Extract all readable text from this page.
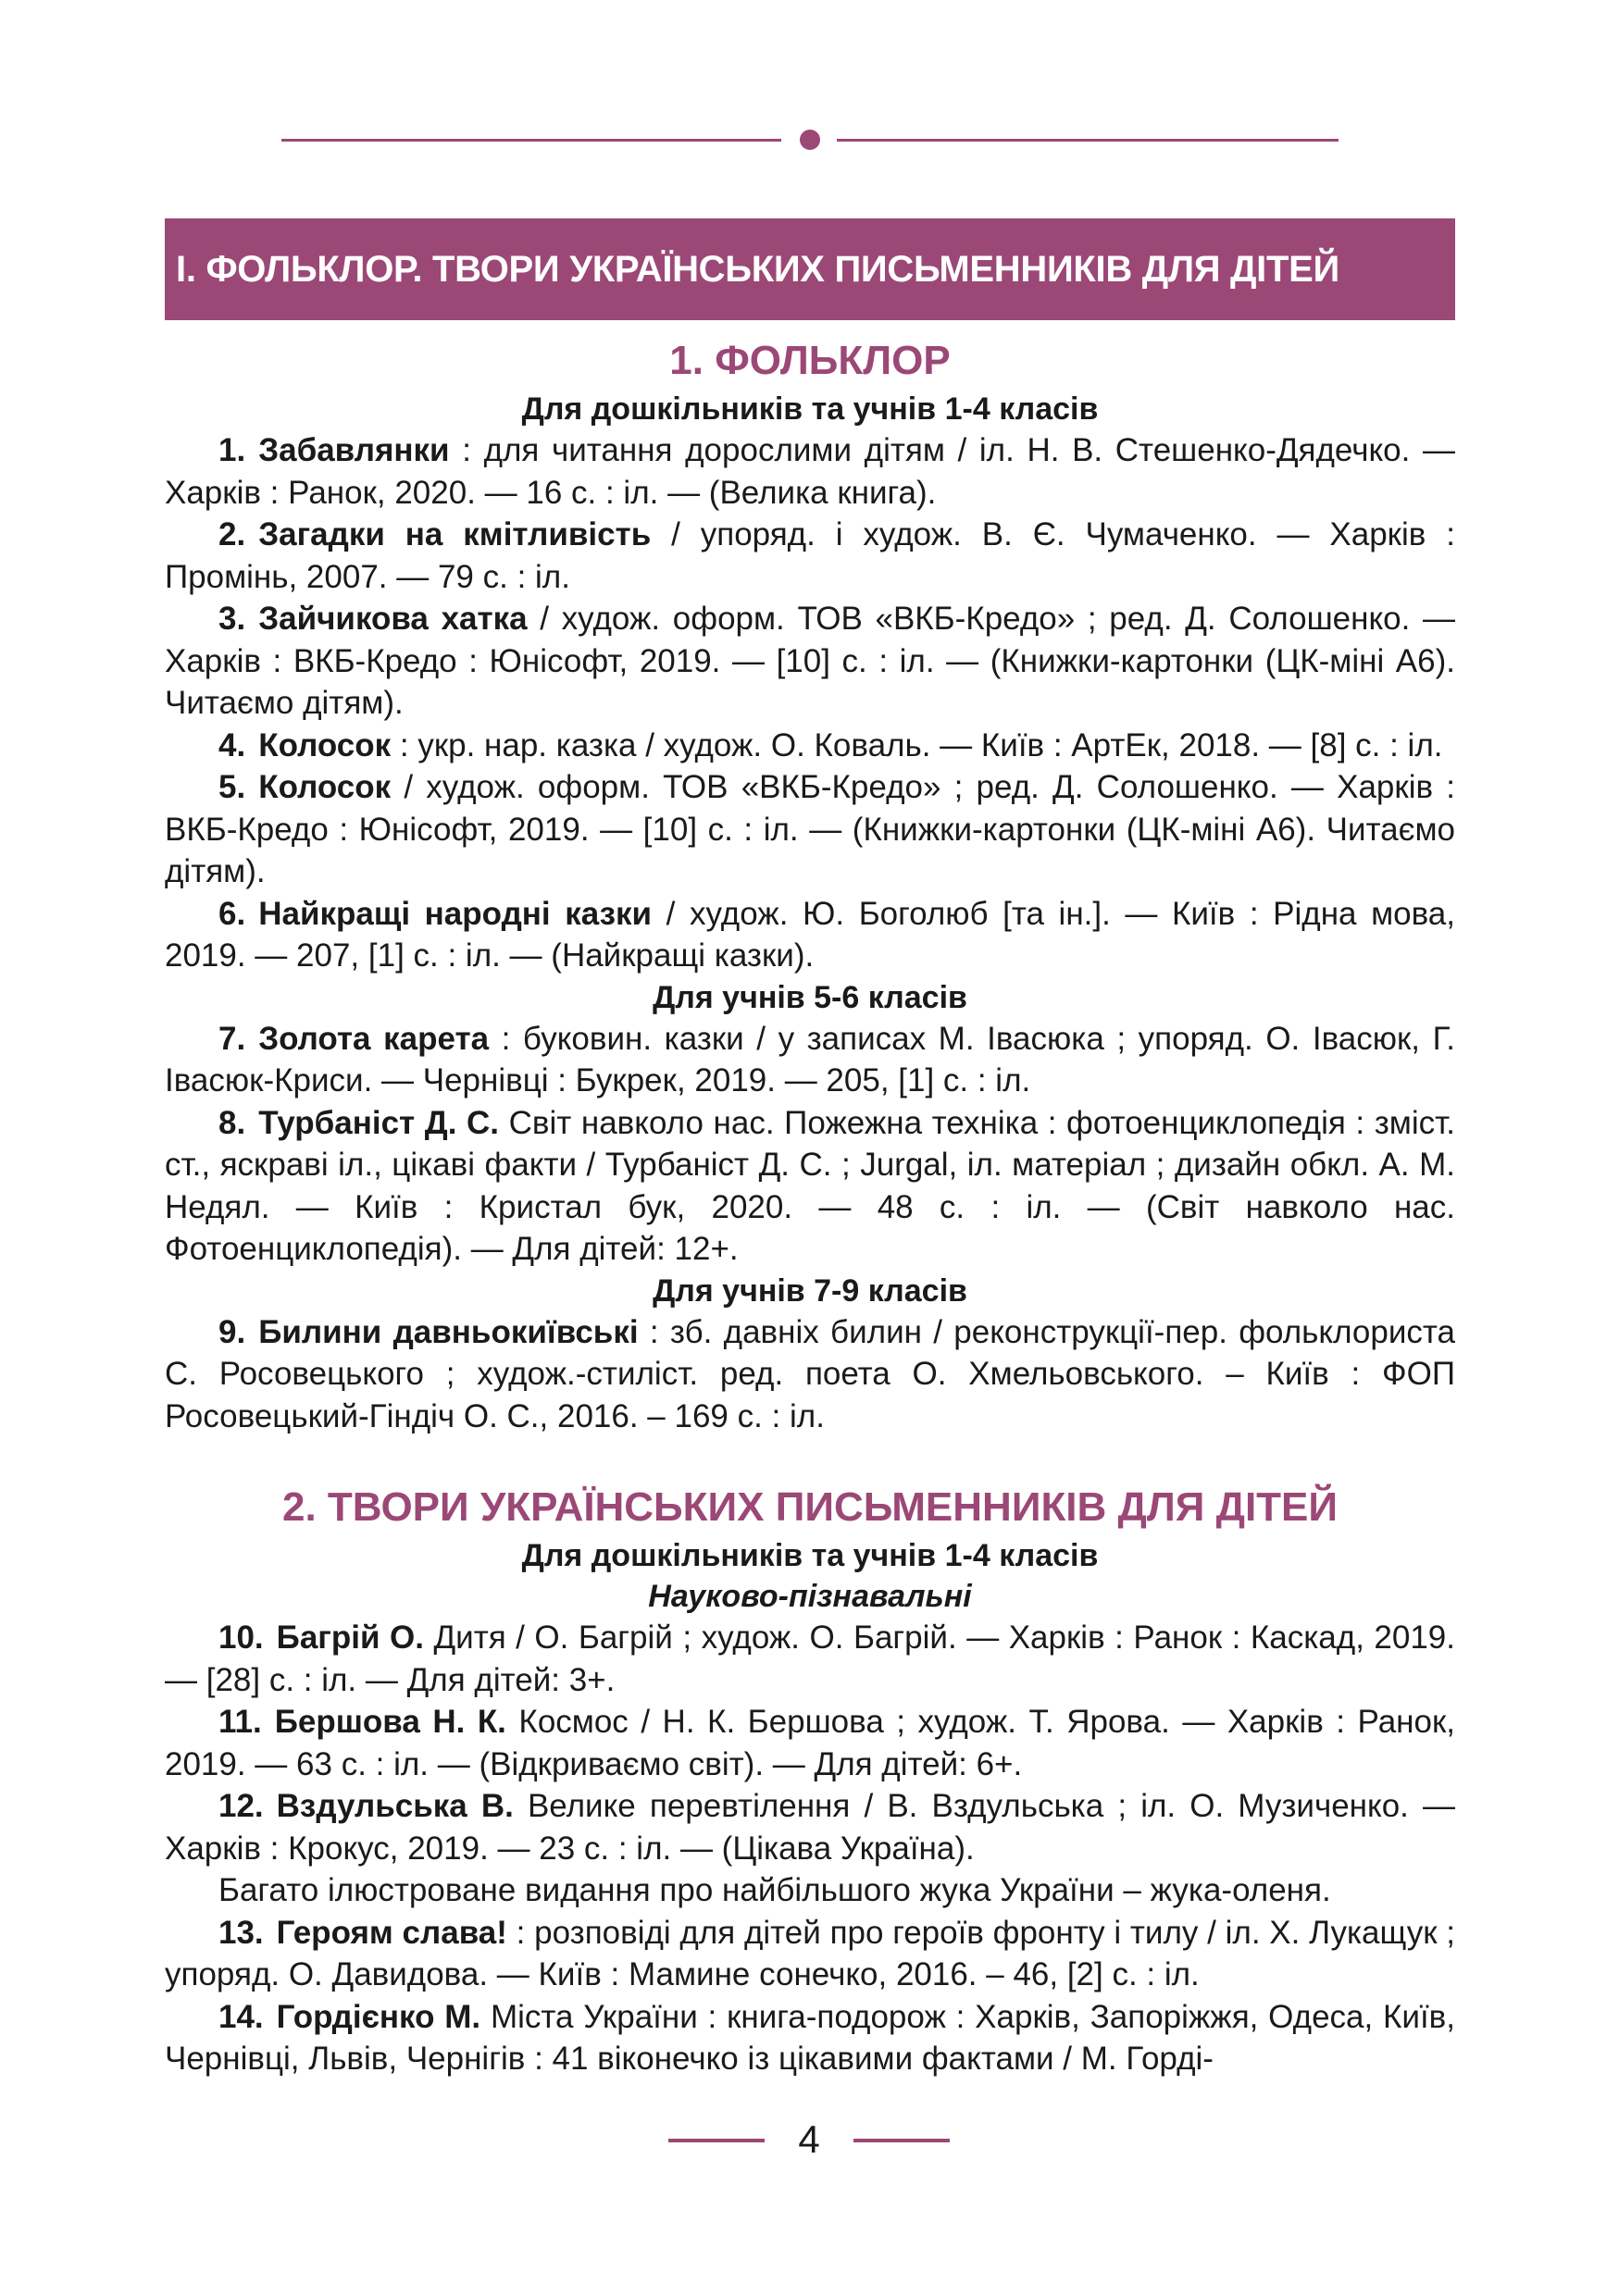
І. ФОЛЬКЛОР. ТВОРИ УКРАЇНСЬКИХ ПИСЬМЕННИКІВ ДЛЯ ДІТЕЙ
1. ФОЛЬКЛОР
Для дошкільників та учнів 1-4 класів

1. Забавлянки : для читання дорослими дітям / іл. Н. В. Стешенко-Дядечко. — Харків : Ранок, 2020. — 16 с. : іл. — (Велика книга).

2. Загадки на кмітливість / упоряд. і худож. В. Є. Чумаченко. — Харків : Промінь, 2007. — 79 с. : іл.

3. Зайчикова хатка / худож. оформ. ТОВ «ВКБ-Кредо» ; ред. Д. Солошенко. — Харків : ВКБ-Кредо : Юнісофт, 2019. — [10] с. : іл. — (Книжки-картонки (ЦК-міні А6). Читаємо дітям).

4. Колосок : укр. нар. казка / худож. О. Коваль. — Київ : АртЕк, 2018. — [8] с. : іл.

5. Колосок / худож. оформ. ТОВ «ВКБ-Кредо» ; ред. Д. Солошенко. — Харків : ВКБ-Кредо : Юнісофт, 2019. — [10] с. : іл. — (Книжки-картонки (ЦК-міні А6). Читаємо дітям).

6. Найкращі народні казки / худож. Ю. Боголюб [та ін.]. — Київ : Рідна мова, 2019. — 207, [1] с. : іл. — (Найкращі казки).

Для учнів 5-6 класів

7. Золота карета : буковин. казки / у записах М. Івасюка ; упоряд. О. Івасюк, Г. Івасюк-Криси. — Чернівці : Букрек, 2019. — 205, [1] с. : іл.

8. Турбаніст Д. С. Світ навколо нас. Пожежна техніка : фотоенциклопедія : зміст. ст., яскраві іл., цікаві факти / Турбаніст Д. С. ; Jurgal, іл. матеріал ; дизайн обкл. А. М. Недял. — Київ : Кристал бук, 2020. — 48 с. : іл. — (Світ навколо нас. Фотоенциклопедія). — Для дітей: 12+.

Для учнів 7-9 класів

9. Билини давньокиївські : зб. давніх билин / реконструкції-пер. фольклориста С. Росовецького ; худож.-стиліст. ред. поета О. Хмельовського. – Київ : ФОП Росовецький-Гіндіч О. С., 2016. – 169 с. : іл.

2. ТВОРИ УКРАЇНСЬКИХ ПИСЬМЕННИКІВ ДЛЯ ДІТЕЙ
Для дошкільників та учнів 1-4 класів
Науково-пізнавальні

10. Багрій О. Дитя / О. Багрій ; худож. О. Багрій. — Харків : Ранок : Каскад, 2019. — [28] с. : іл. — Для дітей: 3+.

11. Бершова Н. К. Космос / Н. К. Бершова ; худож. Т. Ярова. — Харків : Ранок, 2019. — 63 с. : іл. — (Відкриваємо світ). — Для дітей: 6+.

12. Вздульська В. Велике перевтілення / В. Вздульська ; іл. О. Музиченко. — Харків : Крокус, 2019. — 23 с. : іл. — (Цікава Україна).

Багато ілюстроване видання про найбільшого жука України – жука-оленя.

13. Героям слава! : розповіді для дітей про героїв фронту і тилу / іл. Х. Лукащук ; упоряд. О. Давидова. — Київ : Мамине сонечко, 2016. – 46, [2] с. : іл.

14. Гордієнко М. Міста України : книга-подорож : Харків, Запоріжжя, Одеса, Київ, Чернівці, Львів, Чернігів : 41 віконечко із цікавими фактами / М. Горді-

4
